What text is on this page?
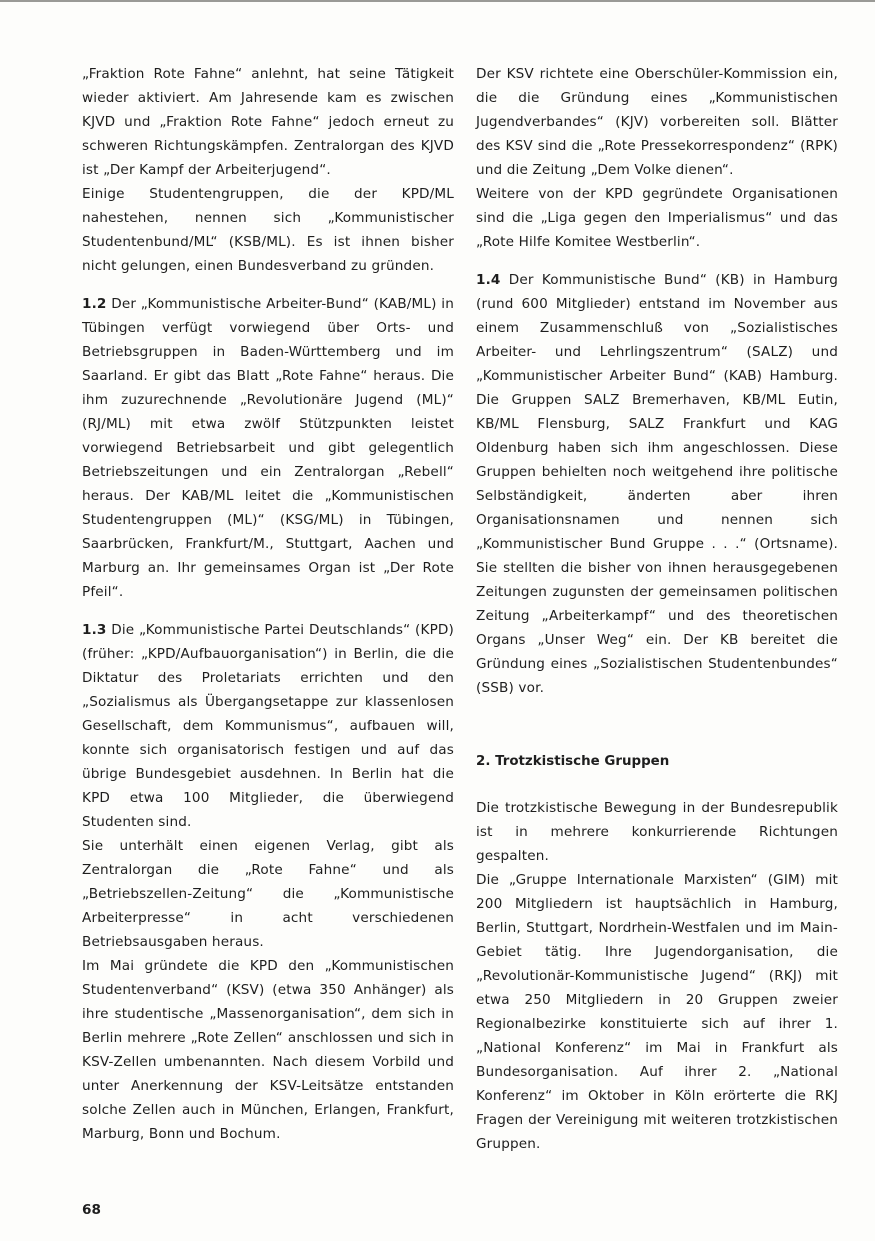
„Fraktion Rote Fahne“ anlehnt, hat seine Tätigkeit wieder aktiviert. Am Jahresende kam es zwischen KJVD und „Fraktion Rote Fahne“ jedoch erneut zu schweren Richtungskämpfen. Zentralorgan des KJVD ist „Der Kampf der Arbeiterjugend“.

Einige Studentengruppen, die der KPD/ML nahestehen, nennen sich „Kommunistischer Studentenbund/ML“ (KSB/ML). Es ist ihnen bisher nicht gelungen, einen Bundesverband zu gründen.

1.2 Der „Kommunistische Arbeiter-Bund“ (KAB/ML) in Tübingen verfügt vorwiegend über Orts- und Betriebsgruppen in Baden-Württemberg und im Saarland. Er gibt das Blatt „Rote Fahne“ heraus. Die ihm zuzurechnende „Revolutionäre Jugend (ML)“ (RJ/ML) mit etwa zwölf Stützpunkten leistet vorwiegend Betriebsarbeit und gibt gelegentlich Betriebszeitungen und ein Zentralorgan „Rebell“ heraus. Der KAB/ML leitet die „Kommunistischen Studentengruppen (ML)“ (KSG/ML) in Tübingen, Saarbrücken, Frankfurt/M., Stuttgart, Aachen und Marburg an. Ihr gemeinsames Organ ist „Der Rote Pfeil“.

1.3 Die „Kommunistische Partei Deutschlands“ (KPD) (früher: „KPD/Aufbauorganisation“) in Berlin, die die Diktatur des Proletariats errichten und den „Sozialismus als Übergangsetappe zur klassenlosen Gesellschaft, dem Kommunismus“, aufbauen will, konnte sich organisatorisch festigen und auf das übrige Bundesgebiet ausdehnen. In Berlin hat die KPD etwa 100 Mitglieder, die überwiegend Studenten sind.

Sie unterhält einen eigenen Verlag, gibt als Zentralorgan die „Rote Fahne“ und als „Betriebszellen-Zeitung“ die „Kommunistische Arbeiterpresse“ in acht verschiedenen Betriebsausgaben heraus.

Im Mai gründete die KPD den „Kommunistischen Studentenverband“ (KSV) (etwa 350 Anhänger) als ihre studentische „Massenorganisation“, dem sich in Berlin mehrere „Rote Zellen“ anschlossen und sich in KSV-Zellen umbenannten. Nach diesem Vorbild und unter Anerkennung der KSV-Leitsätze entstanden solche Zellen auch in München, Erlangen, Frankfurt, Marburg, Bonn und Bochum.

Der KSV richtete eine Oberschüler-Kommission ein, die die Gründung eines „Kommunistischen Jugendverbandes“ (KJV) vorbereiten soll. Blätter des KSV sind die „Rote Pressekorrespondenz“ (RPK) und die Zeitung „Dem Volke dienen“.

Weitere von der KPD gegründete Organisationen sind die „Liga gegen den Imperialismus“ und das „Rote Hilfe Komitee Westberlin“.

1.4 Der Kommunistische Bund“ (KB) in Hamburg (rund 600 Mitglieder) entstand im November aus einem Zusammenschluß von „Sozialistisches Arbeiter- und Lehrlingszentrum“ (SALZ) und „Kommunistischer Arbeiter Bund“ (KAB) Hamburg. Die Gruppen SALZ Bremerhaven, KB/ML Eutin, KB/ML Flensburg, SALZ Frankfurt und KAG Oldenburg haben sich ihm angeschlossen. Diese Gruppen behielten noch weitgehend ihre politische Selbständigkeit, änderten aber ihren Organisationsnamen und nennen sich „Kommunistischer Bund Gruppe . . .“ (Ortsname). Sie stellten die bisher von ihnen herausgegebenen Zeitungen zugunsten der gemeinsamen politischen Zeitung „Arbeiterkampf“ und des theoretischen Organs „Unser Weg“ ein. Der KB bereitet die Gründung eines „Sozialistischen Studentenbundes“ (SSB) vor.

2. Trotzkistische Gruppen

Die trotzkistische Bewegung in der Bundesrepublik ist in mehrere konkurrierende Richtungen gespalten.

Die „Gruppe Internationale Marxisten“ (GIM) mit 200 Mitgliedern ist hauptsächlich in Hamburg, Berlin, Stuttgart, Nordrhein-Westfalen und im Main-Gebiet tätig. Ihre Jugendorganisation, die „Revolutionär-Kommunistische Jugend“ (RKJ) mit etwa 250 Mitgliedern in 20 Gruppen zweier Regionalbezirke konstituierte sich auf ihrer 1. „National Konferenz“ im Mai in Frankfurt als Bundesorganisation. Auf ihrer 2. „National Konferenz“ im Oktober in Köln erörterte die RKJ Fragen der Vereinigung mit weiteren trotzkistischen Gruppen.

68
